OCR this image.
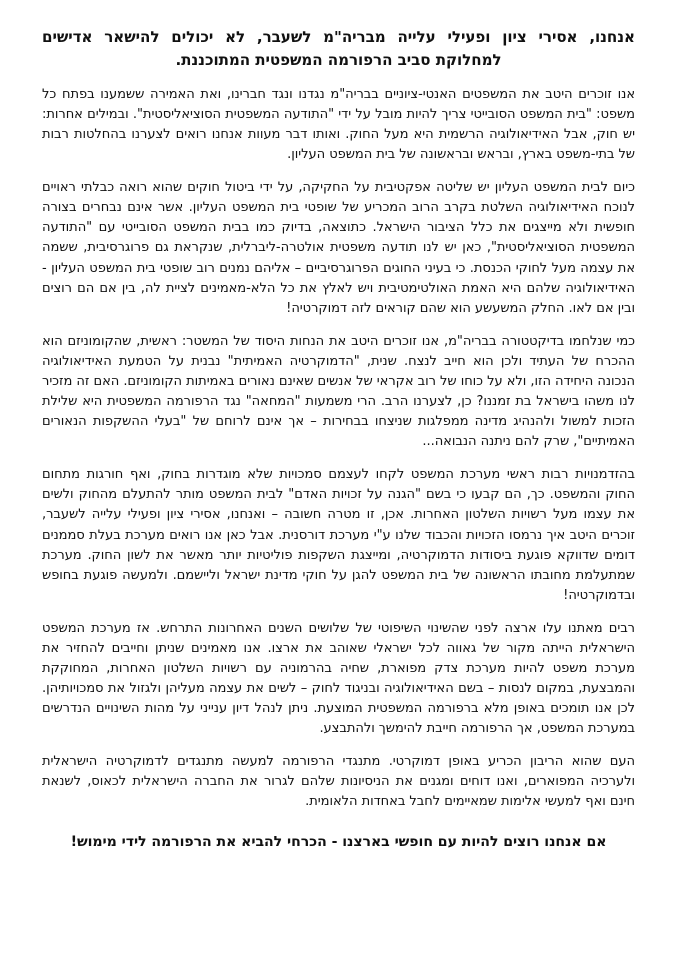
אנחנו, אסירי ציון ופעילי עלייה מבריה"מ לשעבר, לא יכולים להישאר אדישים למחלוקת סביב הרפורמה המשפטית המתוכננת.

אנו זוכרים היטב את המשפטים האנטי-ציוניים בבריה"מ נגדנו ונגד חברינו, ואת האמירה ששמענו בפתח כל משפט: "בית המשפט הסובייטי צריך להיות מובל על ידי "התודעה המשפטית הסוציאליסטית". ובמילים אחרות: יש חוק, אבל האידיאולוגיה הרשמית היא מעל החוק. ואותו דבר מעוות אנחנו רואים לצערנו בהחלטות רבות של בתי-משפט בארץ, ובראש ובראשונה של בית המשפט העליון.

כיום לבית המשפט העליון יש שליטה אפקטיבית על החקיקה, על ידי ביטול חוקים שהוא רואה כבלתי ראויים לנוכח האידיאולוגיה השלטת בקרב הרוב המכריע של שופטי בית המשפט העליון. אשר אינם נבחרים בצורה חופשית ולא מייצגים את כלל הציבור הישראל. כתוצאה, בדיוק כמו בבית המשפט הסובייטי עם "התודעה המשפטית הסוציאליסטית", כאן יש לנו תודעה משפטית אולטרה-ליברלית, שנקראת גם פרוגרסיבית, ששמה את עצמה מעל לחוקי הכנסת. כי בעיני החוגים הפרוגרסיביים – אליהם נמנים רוב שופטי בית המשפט העליון - האידיאולוגיה שלהם היא האמת האולטימטיבית ויש לאלץ את כל הלא-מאמינים לציית לה, בין אם הם רוצים ובין אם לאו. החלק המשעשע הוא שהם קוראים לזה דמוקרטיה!

כמי שנלחמו בדיקטטורה בבריה"מ, אנו זוכרים היטב את הנחות היסוד של המשטר: ראשית, שהקומוניזם הוא ההכרח של העתיד ולכן הוא חייב לנצח. שנית, "הדמוקרטיה האמיתית" נבנית על הטמעת האידיאולוגיה הנכונה היחידה הזו, ולא על כוחו של רוב אקראי של אנשים שאינם נאורים באמיתות הקומוניזם. האם זה מזכיר לנו משהו בישראל בת זמננו? כן, לצערנו הרב. הרי משמעות "המחאה" נגד הרפורמה המשפטית היא שלילת הזכות למשול ולהנהיג מדינה ממפלגות שניצחו בבחירות – אך אינם לרוחם של "בעלי ההשקפות הנאורים האמיתיים", שרק להם ניתנה הנבואה...

בהזדמנויות רבות ראשי מערכת המשפט לקחו לעצמם סמכויות שלא מוגדרות בחוק, ואף חורגות מתחום החוק והמשפט. כך, הם קבעו כי בשם "הגנה על זכויות האדם" לבית המשפט מותר להתעלם מהחוק ולשים את עצמו מעל רשויות השלטון האחרות. אכן, זו מטרה חשובה – ואנחנו, אסירי ציון ופעילי עלייה לשעבר, זוכרים היטב איך נרמסו הזכויות והכבוד שלנו ע"י מערכת דורסנית. אבל כאן אנו רואים מערכת בעלת סממנים דומים שדווקא פוגעת ביסודות הדמוקרטיה, ומייצגת השקפות פוליטיות יותר מאשר את לשון החוק. מערכת שמתעלמת מחובתו הראשונה של בית המשפט להגן על חוקי מדינת ישראל וליישמם. ולמעשה פוגעת בחופש ובדמוקרטיה!

רבים מאתנו עלו ארצה לפני שהשינוי השיפוטי של שלושים השנים האחרונות התרחש. אז מערכת המשפט הישראלית הייתה מקור של גאווה לכל ישראלי שאוהב את ארצו. אנו מאמינים שניתן וחייבים להחזיר את מערכת משפט להיות מערכת צדק מפוארת, שחיה בהרמוניה עם רשויות השלטון האחרות, המחוקקת והמבצעת, במקום לנסות – בשם האידיאולוגיה ובניגוד לחוק – לשים את עצמה מעליהן ולגזול את סמכויותיהן. לכן אנו תומכים באופן מלא ברפורמה המשפטית המוצעת. ניתן לנהל דיון ענייני על מהות השינויים הנדרשים במערכת המשפט, אך הרפורמה חייבת להימשך ולהתבצע.

העם שהוא הריבון הכריע באופן דמוקרטי. מתנגדי הרפורמה למעשה מתנגדים לדמוקרטיה הישראלית ולערכיה המפוארים, ואנו דוחים ומגנים את הניסיונות שלהם לגרור את החברה הישראלית לכאוס, לשנאת חינם ואף למעשי אלימות שמאיימים לחבל באחדות הלאומית.

אם אנחנו רוצים להיות עם חופשי בארצנו - הכרחי להביא את הרפורמה לידי מימוש!
